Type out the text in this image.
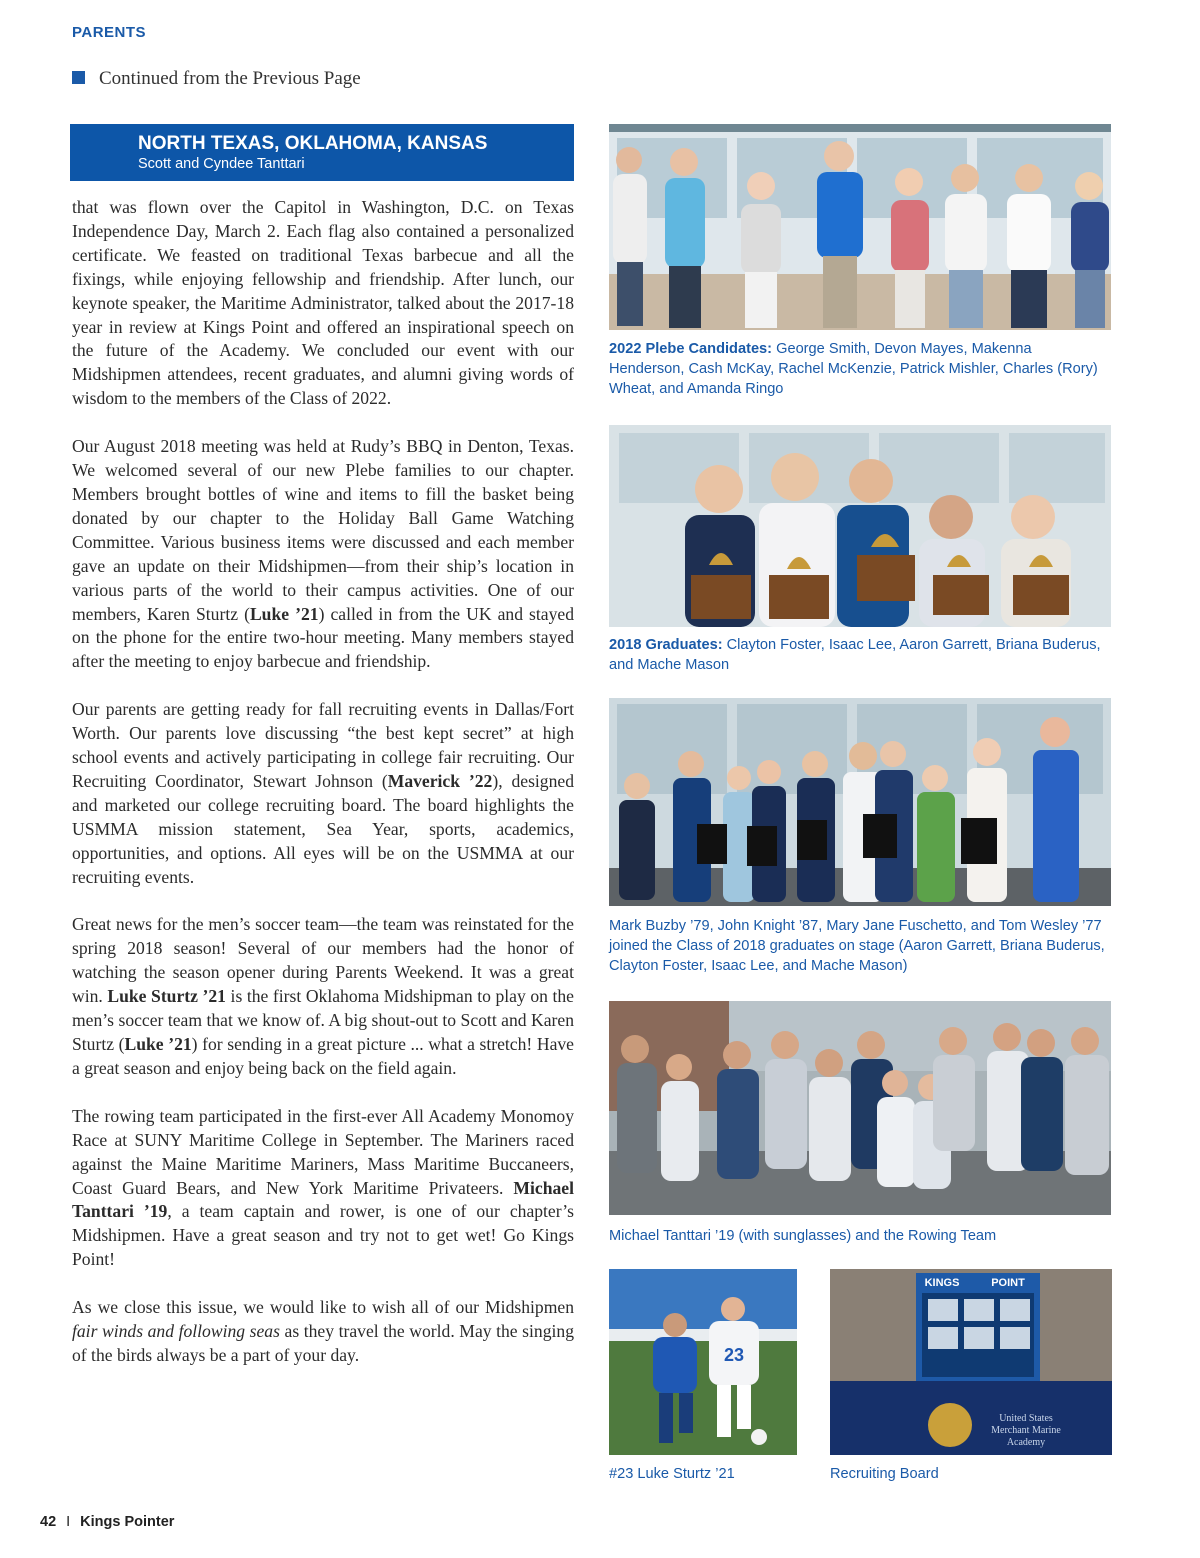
PARENTS
Continued from the Previous Page
NORTH TEXAS, OKLAHOMA, KANSAS
Scott and Cyndee Tanttari

that was flown over the Capitol in Washington, D.C. on Texas Independence Day, March 2. Each flag also contained a personalized certificate. We feasted on traditional Texas barbecue and all the fixings, while enjoying fellowship and friendship. After lunch, our keynote speaker, the Maritime Administrator, talked about the 2017-18 year in review at Kings Point and offered an inspirational speech on the future of the Academy. We concluded our event with our Midshipmen attendees, recent graduates, and alumni giving words of wisdom to the members of the Class of 2022.

Our August 2018 meeting was held at Rudy’s BBQ in Denton, Texas. We welcomed several of our new Plebe families to our chapter. Members brought bottles of wine and items to fill the basket being donated by our chapter to the Holiday Ball Game Watching Committee. Various business items were discussed and each member gave an update on their Midshipmen—from their ship’s location in various parts of the world to their campus activities. One of our members, Karen Sturtz (Luke ’21) called in from the UK and stayed on the phone for the entire two-hour meeting. Many members stayed after the meeting to enjoy barbecue and friendship.

Our parents are getting ready for fall recruiting events in Dallas/Fort Worth. Our parents love discussing “the best kept secret” at high school events and actively participating in college fair recruiting. Our Recruiting Coordinator, Stewart Johnson (Maverick ’22), designed and marketed our college recruiting board. The board highlights the USMMA mission statement, Sea Year, sports, academics, opportunities, and options. All eyes will be on the USMMA at our recruiting events.

Great news for the men’s soccer team—the team was reinstated for the spring 2018 season! Several of our members had the honor of watching the season opener during Parents Weekend. It was a great win. Luke Sturtz ’21 is the first Oklahoma Midshipman to play on the men’s soccer team that we know of. A big shout-out to Scott and Karen Sturtz (Luke ’21) for sending in a great picture ... what a stretch! Have a great season and enjoy being back on the field again.

The rowing team participated in the first-ever All Academy Monomoy Race at SUNY Maritime College in September. The Mariners raced against the Maine Maritime Mariners, Mass Maritime Buccaneers, Coast Guard Bears, and New York Maritime Privateers. Michael Tanttari ’19, a team captain and rower, is one of our chapter’s Midshipmen. Have a great season and try not to get wet! Go Kings Point!

As we close this issue, we would like to wish all of our Midshipmen fair winds and following seas as they travel the world. May the singing of the birds always be a part of your day.

2022 Plebe Candidates: George Smith, Devon Mayes, Makenna Henderson, Cash McKay, Rachel McKenzie, Patrick Mishler, Charles (Rory) Wheat, and Amanda Ringo
2018 Graduates: Clayton Foster, Isaac Lee, Aaron Garrett, Briana Buderus, and Mache Mason
Mark Buzby ’79, John Knight ’87, Mary Jane Fuschetto, and Tom Wesley ’77 joined the Class of 2018 graduates on stage (Aaron Garrett, Briana Buderus, Clayton Foster, Isaac Lee, and Mache Mason)
Michael Tanttari ’19 (with sunglasses) and the Rowing Team
23
#23 Luke Sturtz ’21
KINGS	POINT
United States
Merchant Marine
Academy
Recruiting Board
42 I Kings Pointer
